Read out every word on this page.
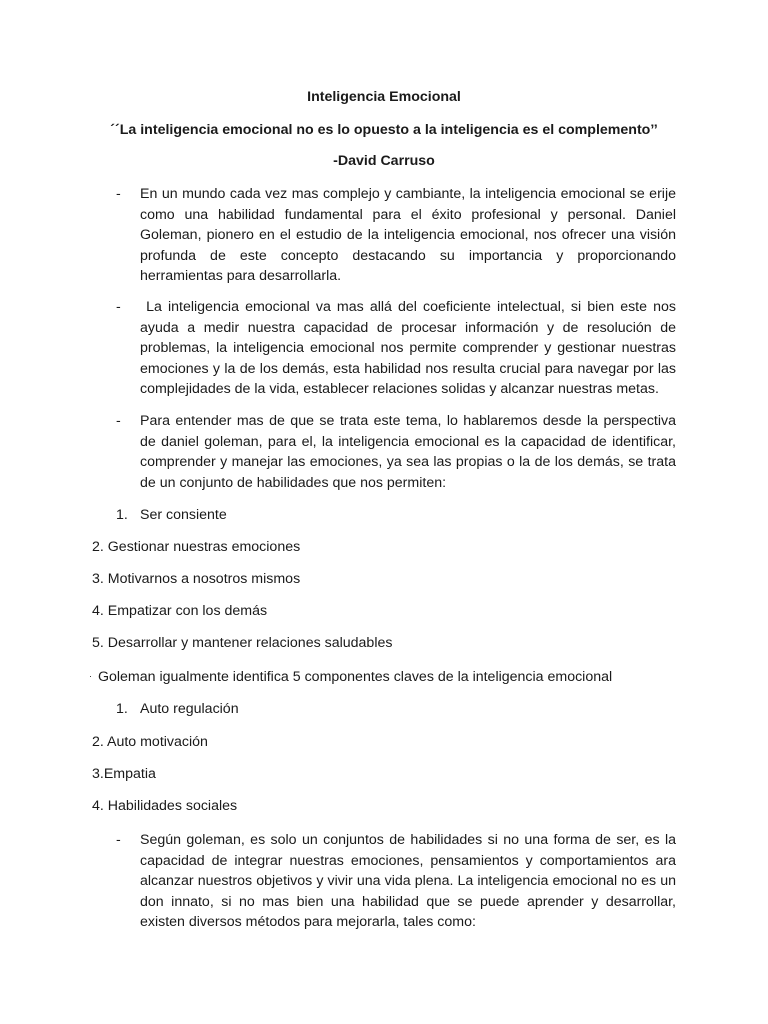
Inteligencia Emocional
´´La inteligencia emocional no es lo opuesto a la inteligencia es el complemento’’
-David Carruso
- En un mundo cada vez mas complejo y cambiante, la inteligencia emocional se erije como una habilidad fundamental para el éxito profesional y personal. Daniel Goleman, pionero en el estudio de la inteligencia emocional, nos ofrecer una visión profunda de este concepto destacando su importancia y proporcionando herramientas para desarrollarla.
- La inteligencia emocional va mas allá del coeficiente intelectual, si bien este nos ayuda a medir nuestra capacidad de procesar información y de resolución de problemas, la inteligencia emocional nos permite comprender y gestionar nuestras emociones y la de los demás, esta habilidad nos resulta crucial para navegar por las complejidades de la vida, establecer relaciones solidas y alcanzar nuestras metas.
- Para entender mas de que se trata este tema, lo hablaremos desde la perspectiva de daniel goleman, para el, la inteligencia emocional es la capacidad de identificar, comprender y manejar las emociones, ya sea las propias o la de los demás, se trata de un conjunto de habilidades que nos permiten:
1. Ser consiente
2. Gestionar nuestras emociones
3. Motivarnos a nosotros mismos
4. Empatizar con los demás
5. Desarrollar y mantener relaciones saludables
· Goleman igualmente identifica 5 componentes claves de la inteligencia emocional
1. Auto regulación
2. Auto motivación
3.Empatia
4. Habilidades sociales
- Según goleman, es solo un conjuntos de habilidades si no una forma de ser, es la capacidad de integrar nuestras emociones, pensamientos y comportamientos ara alcanzar nuestros objetivos y vivir una vida plena. La inteligencia emocional no es un don innato, si no mas bien una habilidad que se puede aprender y desarrollar, existen diversos métodos para mejorarla, tales como:
